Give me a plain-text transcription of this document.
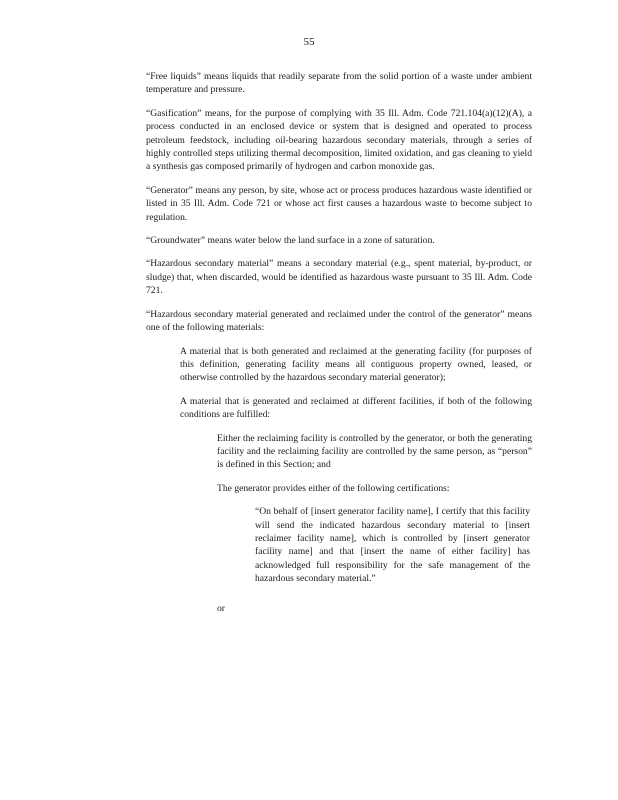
55

“Free liquids” means liquids that readily separate from the solid portion of a waste under ambient temperature and pressure.

“Gasification” means, for the purpose of complying with 35 Ill. Adm. Code 721.104(a)(12)(A), a process conducted in an enclosed device or system that is designed and operated to process petroleum feedstock, including oil-bearing hazardous secondary materials, through a series of highly controlled steps utilizing thermal decomposition, limited oxidation, and gas cleaning to yield a synthesis gas composed primarily of hydrogen and carbon monoxide gas.

“Generator” means any person, by site, whose act or process produces hazardous waste identified or listed in 35 Ill. Adm. Code 721 or whose act first causes a hazardous waste to become subject to regulation.

“Groundwater” means water below the land surface in a zone of saturation.

“Hazardous secondary material” means a secondary material (e.g., spent material, by-product, or sludge) that, when discarded, would be identified as hazardous waste pursuant to 35 Ill. Adm. Code 721.

“Hazardous secondary material generated and reclaimed under the control of the generator” means one of the following materials:

A material that is both generated and reclaimed at the generating facility (for purposes of this definition, generating facility means all contiguous property owned, leased, or otherwise controlled by the hazardous secondary material generator);

A material that is generated and reclaimed at different facilities, if both of the following conditions are fulfilled:

Either the reclaiming facility is controlled by the generator, or both the generating facility and the reclaiming facility are controlled by the same person, as “person” is defined in this Section; and

The generator provides either of the following certifications:

“On behalf of [insert generator facility name], I certify that this facility will send the indicated hazardous secondary material to [insert reclaimer facility name], which is controlled by [insert generator facility name] and that [insert the name of either facility] has acknowledged full responsibility for the safe management of the hazardous secondary material.”

or
